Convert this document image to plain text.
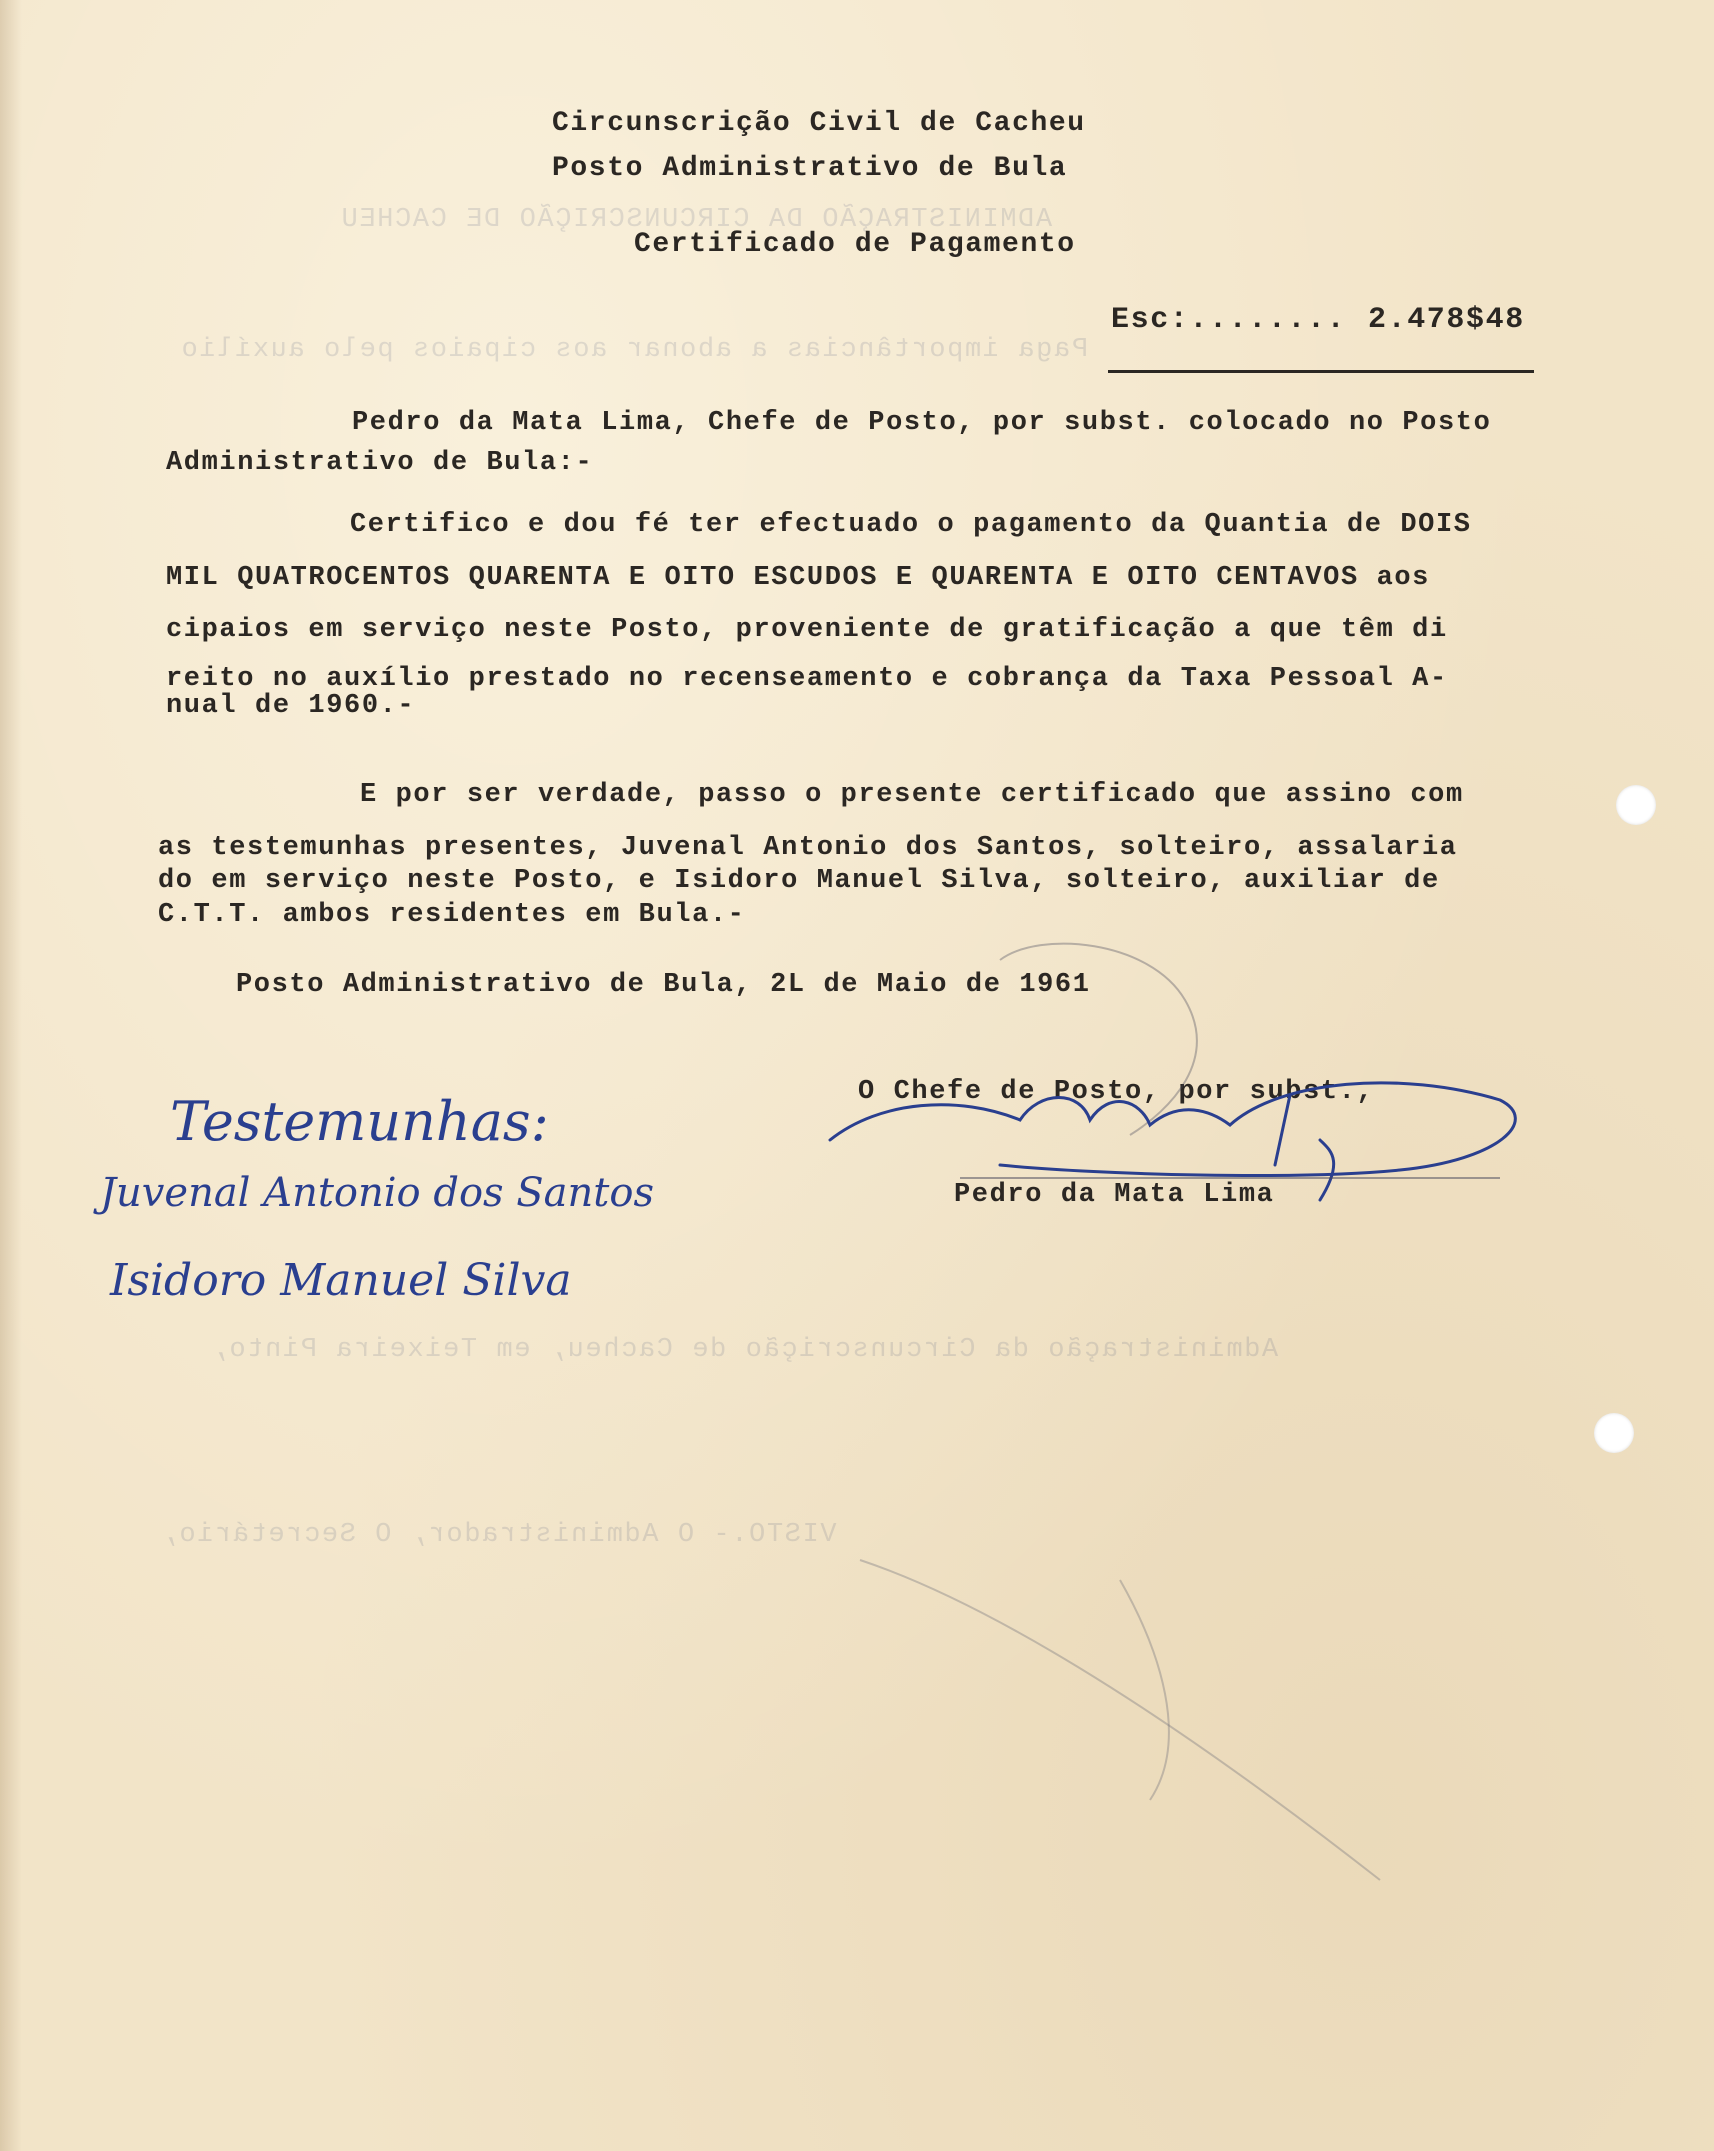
ADMINISTRAÇÃO DA CIRCUNSCRIÇÃO DE CACHEU
Paga importâncias a abonar aos cipaios pelo auxílio
Administração da Circunscrição de Cacheu, em Teixeira Pinto,
VISTO.- O Administrador, O Secretário,
Circunscrição Civil de Cacheu
Posto Administrativo de Bula
Certificado de Pagamento
Esc:........ 2.478$48
Pedro da Mata Lima, Chefe de Posto, por subst. colocado no Posto
Administrativo de Bula:-
Certifico e dou fé ter efectuado o pagamento da Quantia de DOIS
MIL QUATROCENTOS QUARENTA E OITO ESCUDOS E QUARENTA E OITO CENTAVOS aos
cipaios em serviço neste Posto, proveniente de gratificação a que têm di
reito no auxílio prestado no recenseamento e cobrança da Taxa Pessoal A-
nual de 1960.-
E por ser verdade, passo o presente certificado que assino com
as testemunhas presentes, Juvenal Antonio dos Santos, solteiro, assalaria
do em serviço neste Posto, e Isidoro Manuel Silva, solteiro, auxiliar de
C.T.T. ambos residentes em Bula.-
Posto Administrativo de Bula, 2L de Maio de 1961
O Chefe de Posto, por subst.,
Pedro da Mata Lima
Testemunhas:
Juvenal Antonio dos Santos
Isidoro Manuel Silva
